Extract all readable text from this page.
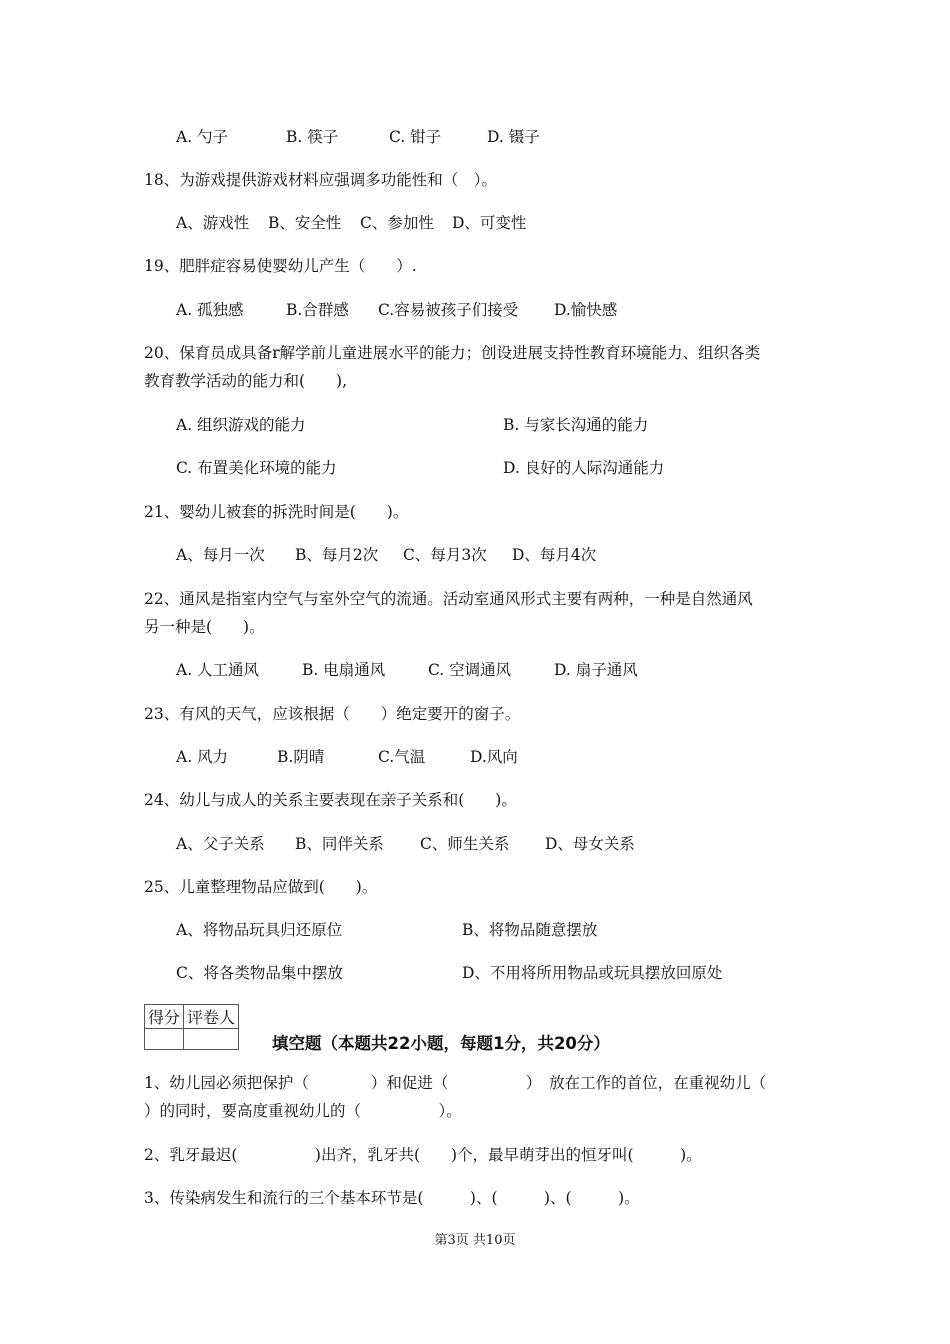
A. 勺子	B. 筷子	C. 钳子	D. 镊子
18、为游戏提供游戏材料应强调多功能性和（　）。
A、游戏性 B、安全性 C、参加性 D、可变性
19、肥胖症容易使婴幼儿产生（　　）.
A. 孤独感	B.合群感 C.容易被孩子们接受 D.愉快感
20、保育员成具备r解学前儿童进展水平的能力；创设进展支持性教育环境能力、组织各类
教育教学活动的能力和(　　),
A. 组织游戏的能力	B. 与家长沟通的能力
C. 布置美化环境的能力	D. 良好的人际沟通能力
21、婴幼儿被套的拆洗时间是(　　)。
A、每月一次 B、每月2次 C、每月3次 D、每月4次
22、通风是指室内空气与室外空气的流通。活动室通风形式主要有两种，一种是自然通风
另一种是(　　)。
A. 人工通风	B. 电扇通风	C. 空调通风	D. 扇子通风
23、有风的天气，应该根据（　　）绝定要开的窗子。
A. 风力	B.阴晴	C.气温	D.风向
24、幼儿与成人的关系主要表现在亲子关系和(　　)。
A、父子关系 B、同伴关系 C、师生关系 D、母女关系
25、儿童整理物品应做到(　　)。
A、将物品玩具归还原位	B、将物品随意摆放
C、将各类物品集中摆放	D、不用将所用物品或玩具摆放回原处
得分	评卷人

填空题（本题共22小题，每题1分，共20分）
1、幼儿园必须把保护（　　　　）和促进（　　　　　）　放在工作的首位，在重视幼儿（
）的同时，要高度重视幼儿的（　　　　　）。
2、乳牙最迟(　　　　　)出齐，乳牙共(　　)个，最早萌芽出的恒牙叫(　　　)。
3、传染病发生和流行的三个基本环节是(　　　)、(　　　)、(　　　)。
第3页 共10页
